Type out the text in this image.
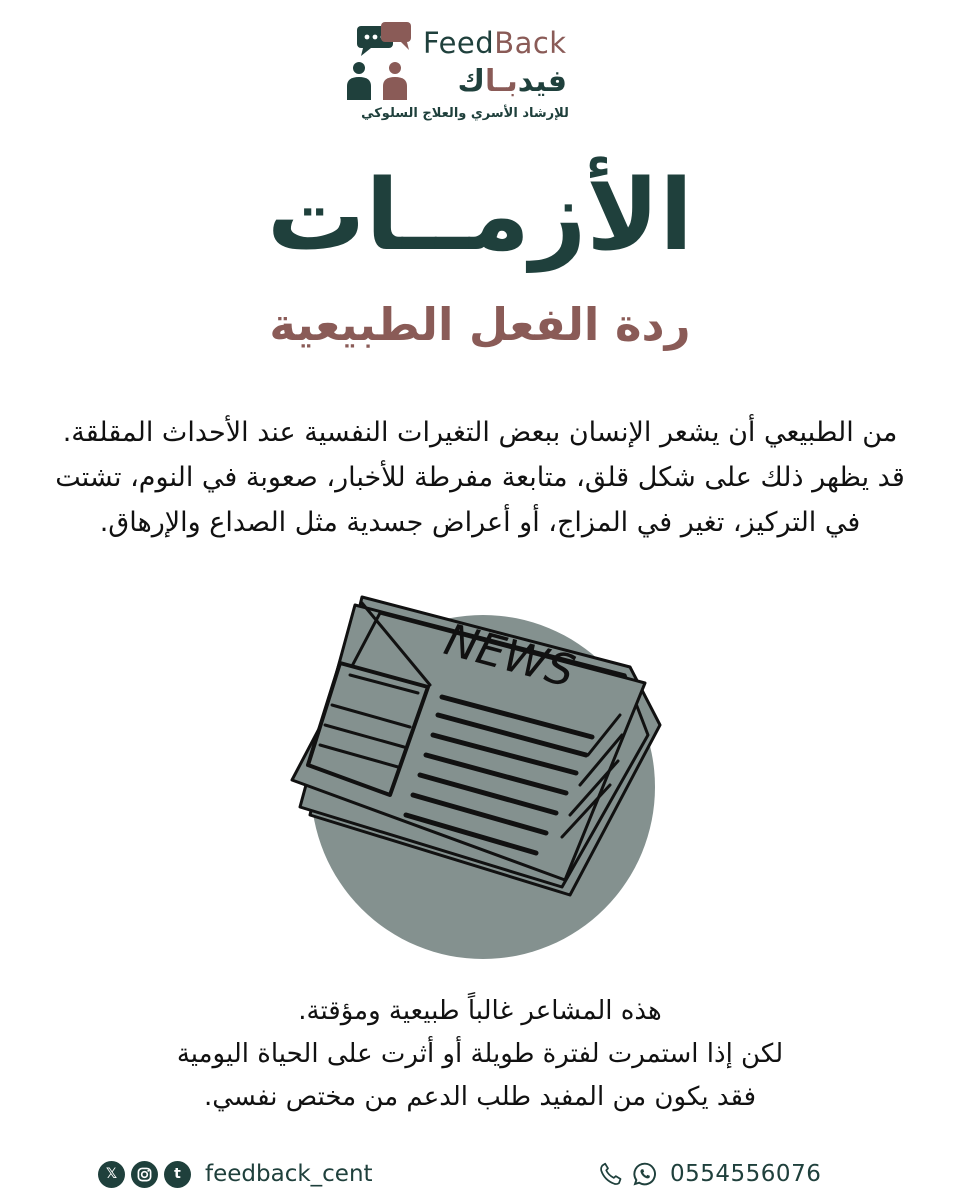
FeedBack
فيدبـاك
للإرشاد الأسري والعلاج السلوكي
الأزمــات
ردة الفعل الطبيعية
من الطبيعي أن يشعر الإنسان ببعض التغيرات النفسية عند الأحداث المقلقة.
قد يظهر ذلك على شكل قلق، متابعة مفرطة للأخبار، صعوبة في النوم، تشتت
في التركيز، تغير في المزاج، أو أعراض جسدية مثل الصداع والإرهاق.
NEWS
هذه المشاعر غالباً طبيعية ومؤقتة.
لكن إذا استمرت لفترة طويلة أو أثرت على الحياة اليومية
فقد يكون من المفيد طلب الدعم من مختص نفسي.
𝕏	t	feedback_cent	0554556076
